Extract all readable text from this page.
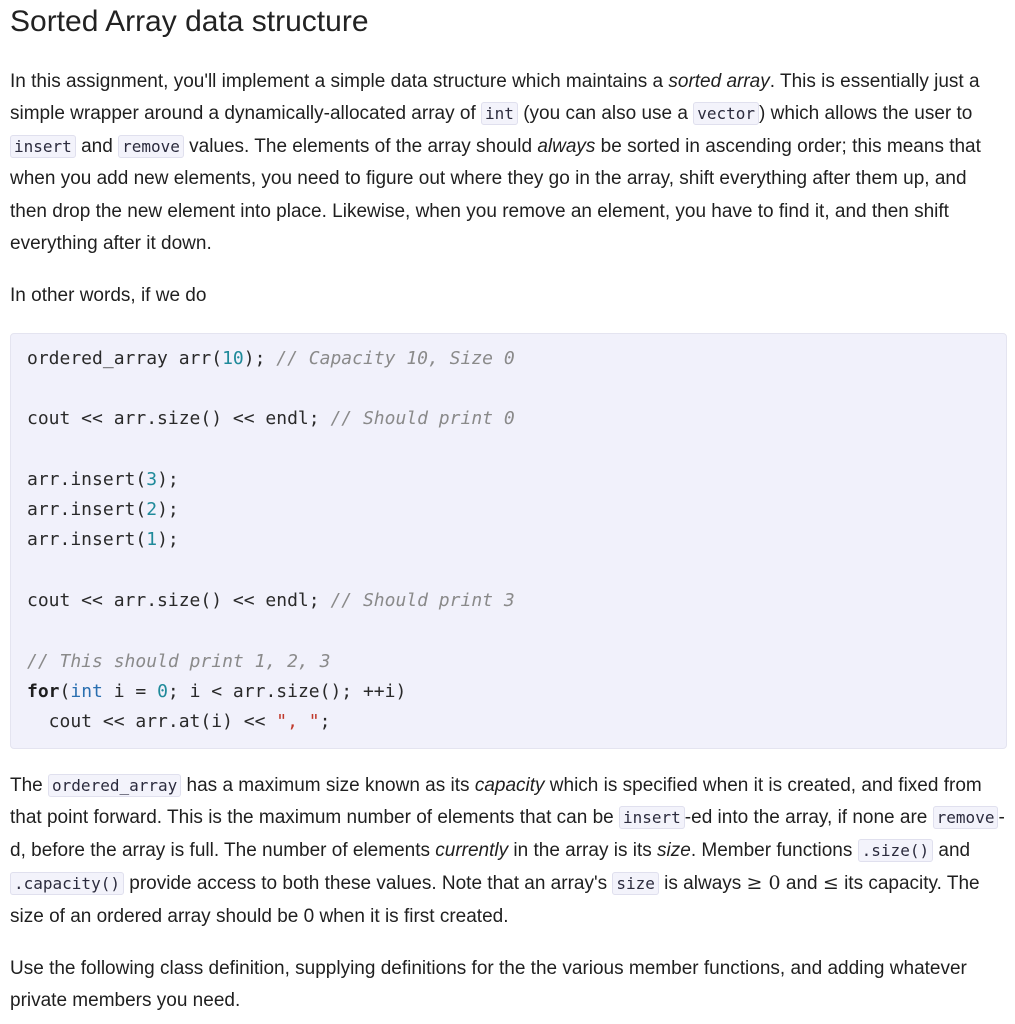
Sorted Array data structure

In this assignment, you'll implement a simple data structure which maintains a sorted array. This is essentially just a simple wrapper around a dynamically-allocated array of int (you can also use a vector ) which allows the user to insert and remove values. The elements of the array should always be sorted in ascending order; this means that when you add new elements, you need to figure out where they go in the array, shift everything after them up, and then drop the new element into place. Likewise, when you remove an element, you have to find it, and then shift everything after it down.

In other words, if we do

ordered_array arr(10); // Capacity 10, Size 0
cout << arr.size() << endl; // Should print 0
arr.insert(3);
arr.insert(2);
arr.insert(1);
cout << arr.size() << endl; // Should print 3
// This should print 1, 2, 3
for(int i = 0; i < arr.size(); ++i)
cout << arr.at(i) << ", ";

The ordered_array has a maximum size known as its capacity which is specified when it is created, and fixed from that point forward. This is the maximum number of elements that can be insert -ed into the array, if none are remove -d, before the array is full. The number of elements currently in the array is its size. Member functions .size() and .capacity() provide access to both these values. Note that an array's size is always ≥ 0 and ≤ its capacity. The size of an ordered array should be 0 when it is first created.

Use the following class definition, supplying definitions for the the various member functions, and adding whatever private members you need.
